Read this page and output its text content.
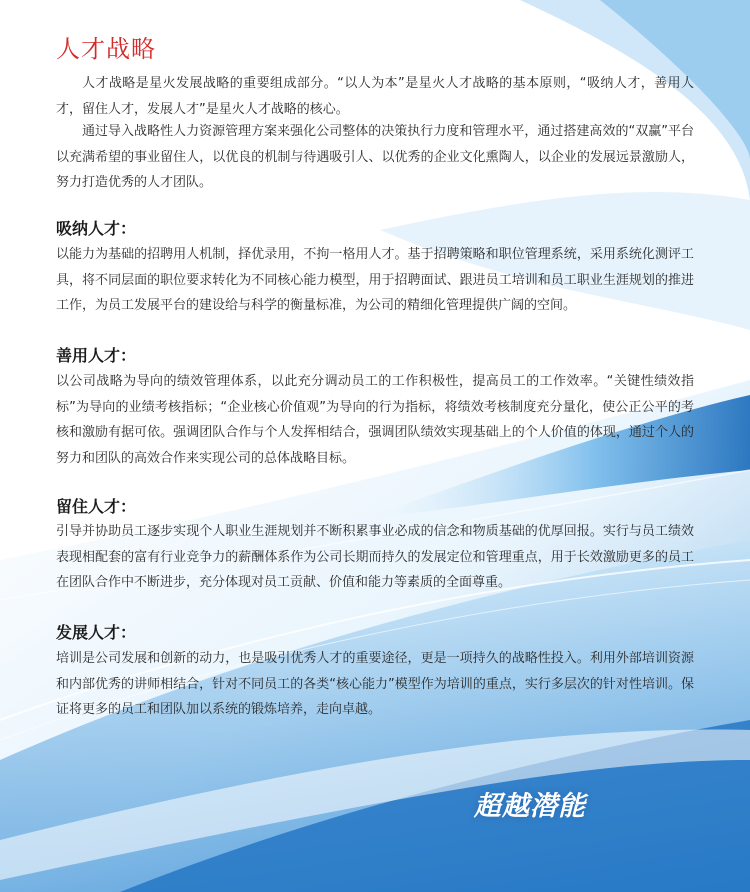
人才战略

人才战略是星火发展战略的重要组成部分。“以人为本”是星火人才战略的基本原则，“吸纳人才，善用人才，留住人才，发展人才”是星火人才战略的核心。

通过导入战略性人力资源管理方案来强化公司整体的决策执行力度和管理水平，通过搭建高效的“双赢”平台以充满希望的事业留住人，以优良的机制与待遇吸引人、以优秀的企业文化熏陶人，以企业的发展远景激励人，努力打造优秀的人才团队。

吸纳人才：

以能力为基础的招聘用人机制，择优录用，不拘一格用人才。基于招聘策略和职位管理系统，采用系统化测评工具，将不同层面的职位要求转化为不同核心能力模型，用于招聘面试、跟进员工培训和员工职业生涯规划的推进工作，为员工发展平台的建设给与科学的衡量标准，为公司的精细化管理提供广阔的空间。

善用人才：

以公司战略为导向的绩效管理体系，以此充分调动员工的工作积极性，提高员工的工作效率。“关键性绩效指标”为导向的业绩考核指标；“企业核心价值观”为导向的行为指标，将绩效考核制度充分量化，使公正公平的考核和激励有据可依。强调团队合作与个人发挥相结合，强调团队绩效实现基础上的个人价值的体现，通过个人的努力和团队的高效合作来实现公司的总体战略目标。

留住人才：

引导并协助员工逐步实现个人职业生涯规划并不断积累事业必成的信念和物质基础的优厚回报。实行与员工绩效表现相配套的富有行业竞争力的薪酬体系作为公司长期而持久的发展定位和管理重点，用于长效激励更多的员工在团队合作中不断进步，充分体现对员工贡献、价值和能力等素质的全面尊重。

发展人才：

培训是公司发展和创新的动力，也是吸引优秀人才的重要途径，更是一项持久的战略性投入。利用外部培训资源和内部优秀的讲师相结合，针对不同员工的各类“核心能力”模型作为培训的重点，实行多层次的针对性培训。保证将更多的员工和团队加以系统的锻炼培养，走向卓越。

超越潜能
